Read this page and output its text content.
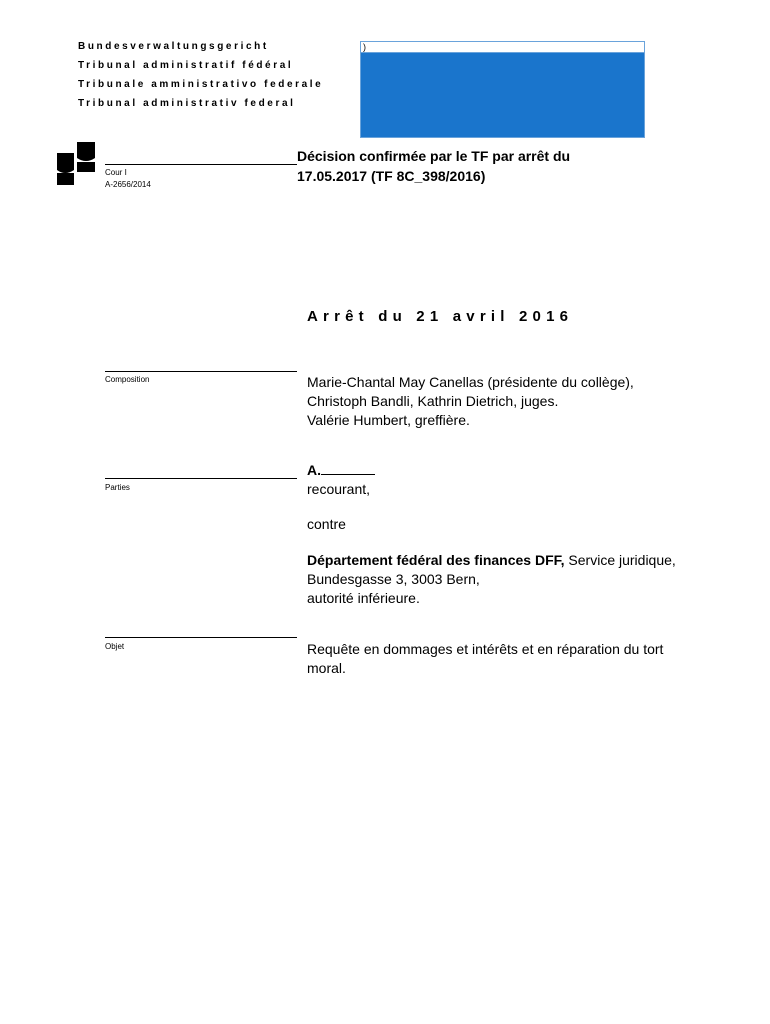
Bundesverwaltungsgericht
Tribunal administratif fédéral
Tribunale amministrativo federale
Tribunal administrativ federal
)
Cour I
A-2656/2014
Décision confirmée par le TF par arrêt du
17.05.2017 (TF 8C_398/2016)
Arrêt du 21 avril 2016
Composition	Marie-Chantal May Canellas (présidente du collège),
Christoph Bandli, Kathrin Dietrich, juges.
Valérie Humbert, greffière.
Parties
A.
recourant,
contre
Département fédéral des finances DFF, Service juridique,
Bundesgasse 3, 3003 Bern,
autorité inférieure.
Objet	Requête en dommages et intérêts et en réparation du tort
moral.
